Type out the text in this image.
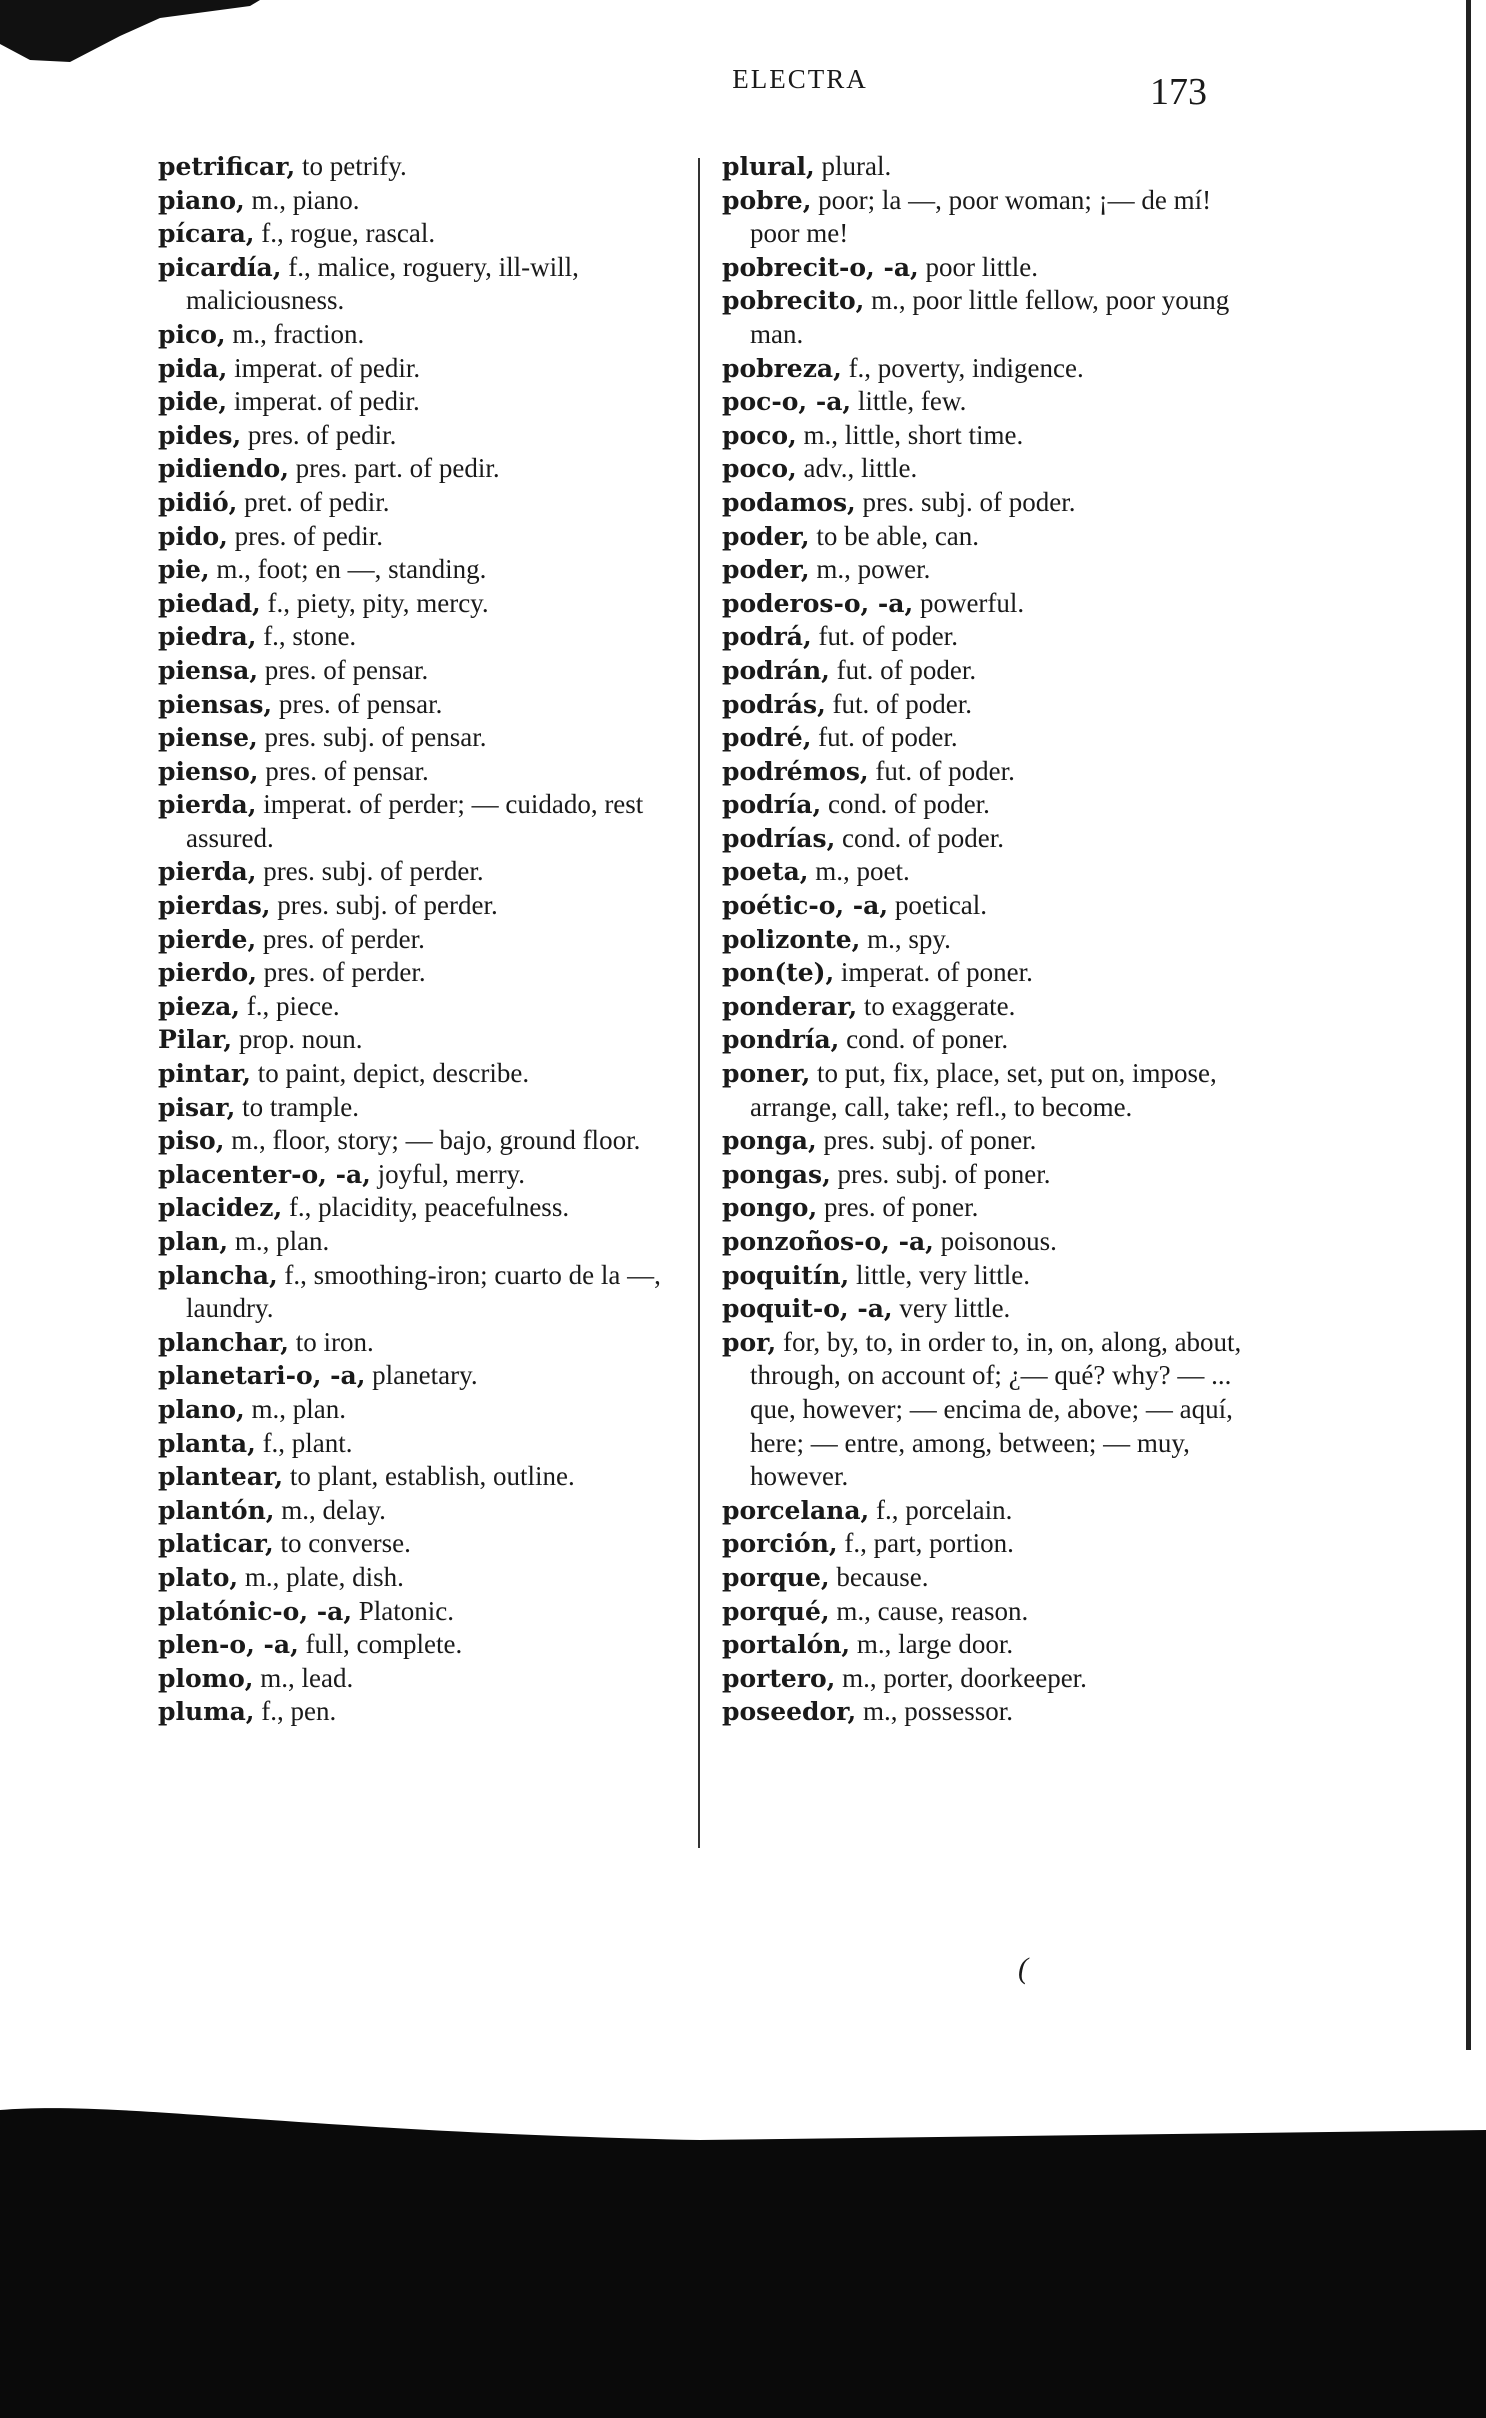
ELECTRA	173
petrificar, to petrify.
piano, m., piano.
pícara, f., rogue, rascal.
picardía, f., malice, roguery, ill-will, maliciousness.
pico, m., fraction.
pida, imperat. of pedir.
pide, imperat. of pedir.
pides, pres. of pedir.
pidiendo, pres. part. of pedir.
pidió, pret. of pedir.
pido, pres. of pedir.
pie, m., foot; en —, standing.
piedad, f., piety, pity, mercy.
piedra, f., stone.
piensa, pres. of pensar.
piensas, pres. of pensar.
piense, pres. subj. of pensar.
pienso, pres. of pensar.
pierda, imperat. of perder; — cuidado, rest assured.
pierda, pres. subj. of perder.
pierdas, pres. subj. of perder.
pierde, pres. of perder.
pierdo, pres. of perder.
pieza, f., piece.
Pilar, prop. noun.
pintar, to paint, depict, describe.
pisar, to trample.
piso, m., floor, story; — bajo, ground floor.
placenter-o, -a, joyful, merry.
placidez, f., placidity, peacefulness.
plan, m., plan.
plancha, f., smoothing-iron; cuarto de la —, laundry.
planchar, to iron.
planetari-o, -a, planetary.
plano, m., plan.
planta, f., plant.
plantear, to plant, establish, outline.
plantón, m., delay.
platicar, to converse.
plato, m., plate, dish.
platónic-o, -a, Platonic.
plen-o, -a, full, complete.
plomo, m., lead.
pluma, f., pen.
plural, plural.
pobre, poor; la —, poor woman; ¡— de mí! poor me!
pobrecit-o, -a, poor little.
pobrecito, m., poor little fellow, poor young man.
pobreza, f., poverty, indigence.
poc-o, -a, little, few.
poco, m., little, short time.
poco, adv., little.
podamos, pres. subj. of poder.
poder, to be able, can.
poder, m., power.
poderos-o, -a, powerful.
podrá, fut. of poder.
podrán, fut. of poder.
podrás, fut. of poder.
podré, fut. of poder.
podrémos, fut. of poder.
podría, cond. of poder.
podrías, cond. of poder.
poeta, m., poet.
poétic-o, -a, poetical.
polizonte, m., spy.
pon(te), imperat. of poner.
ponderar, to exaggerate.
pondría, cond. of poner.
poner, to put, fix, place, set, put on, impose, arrange, call, take; refl., to become.
ponga, pres. subj. of poner.
pongas, pres. subj. of poner.
pongo, pres. of poner.
ponzoños-o, -a, poisonous.
poquitín, little, very little.
poquit-o, -a, very little.
por, for, by, to, in order to, in, on, along, about, through, on account of; ¿— qué? why? — ... que, however; — encima de, above; — aquí, here; — entre, among, between; — muy, however.
porcelana, f., porcelain.
porción, f., part, portion.
porque, because.
porqué, m., cause, reason.
portalón, m., large door.
portero, m., porter, doorkeeper.
poseedor, m., possessor.
(
